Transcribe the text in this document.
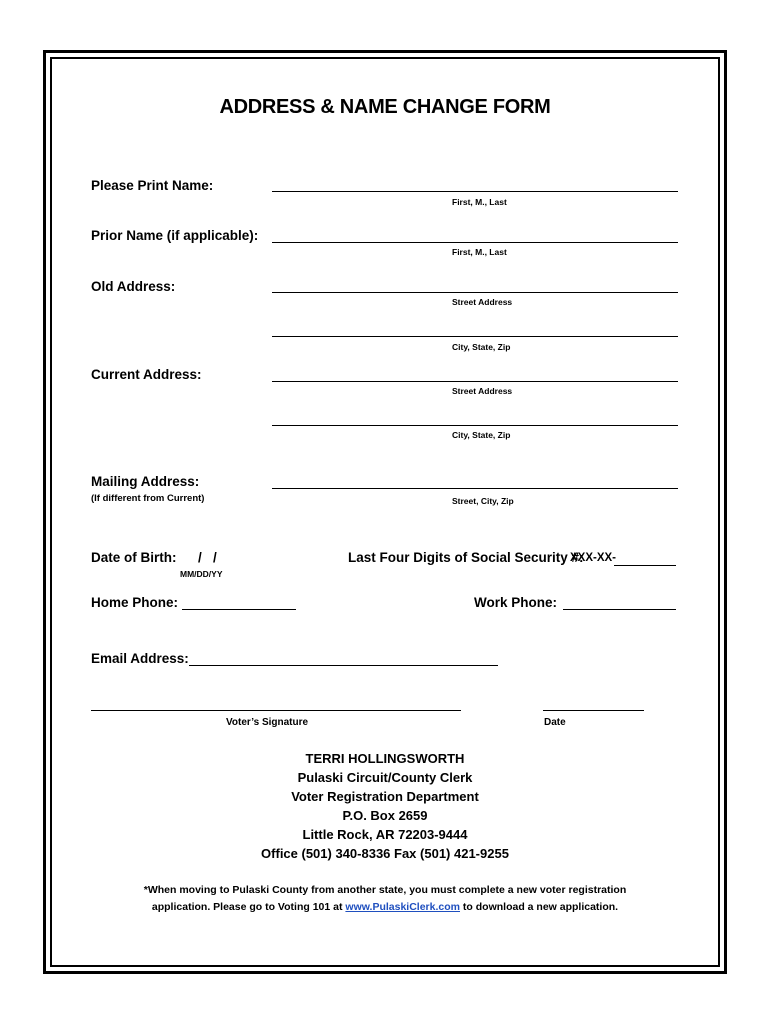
ADDRESS & NAME CHANGE FORM
Please Print Name:
First, M., Last
Prior Name (if applicable):
First, M., Last
Old Address:
Street Address
City, State, Zip
Current Address:
Street Address
City, State, Zip
Mailing Address:
(If different from Current)	Street, City, Zip
Date of Birth: /   /
MM/DD/YY
Last Four Digits of Social Security #:
XXX-XX-
Home Phone:	Work Phone:
Email Address:
Voter’s Signature	Date
TERRI HOLLINGSWORTH
Pulaski Circuit/County Clerk
Voter Registration Department
P.O. Box 2659
Little Rock, AR 72203-9444
Office (501) 340-8336 Fax (501) 421-9255
*When moving to Pulaski County from another state, you must complete a new voter registration
application. Please go to Voting 101 at www.PulaskiClerk.com to download a new application.
